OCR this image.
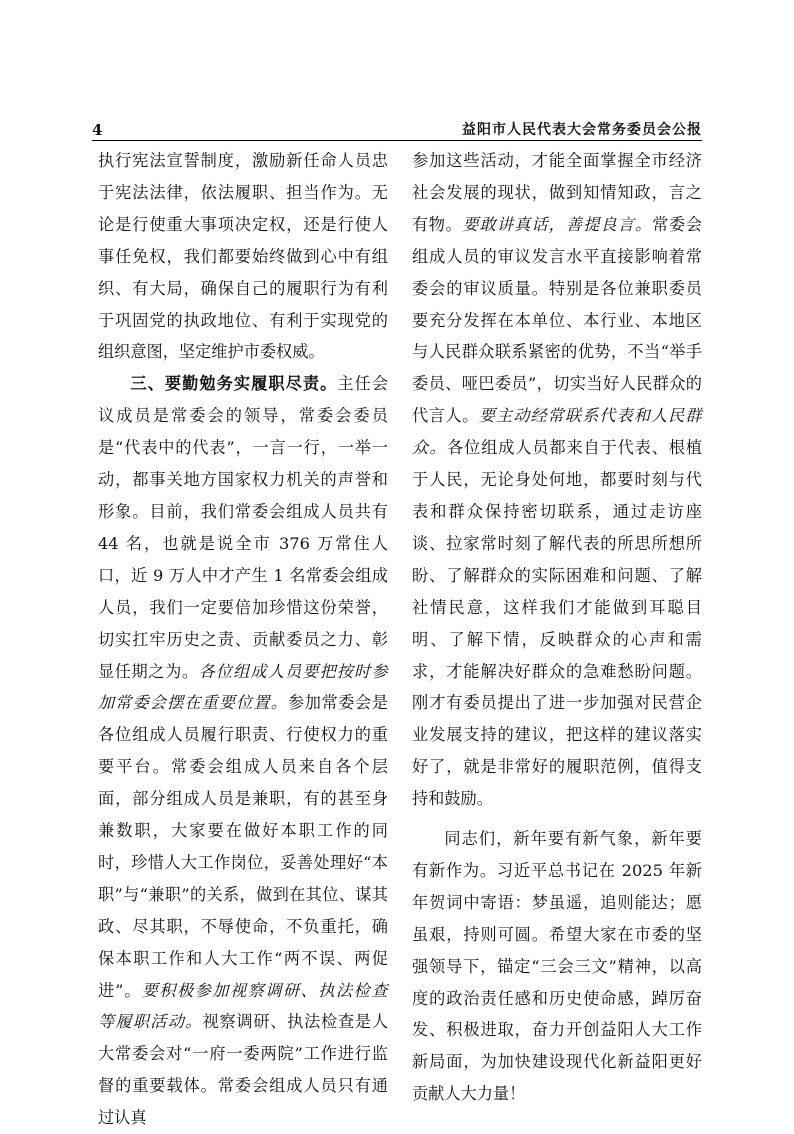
4	益阳市人民代表大会常务委员会公报

执行宪法宣誓制度，激励新任命人员忠于宪法法律，依法履职、担当作为。无论是行使重大事项决定权，还是行使人事任免权，我们都要始终做到心中有组织、有大局，确保自己的履职行为有利于巩固党的执政地位、有利于实现党的组织意图，坚定维护市委权威。

三、要勤勉务实履职尽责。主任会议成员是常委会的领导，常委会委员是“代表中的代表”，一言一行，一举一动，都事关地方国家权力机关的声誉和形象。目前，我们常委会组成人员共有 44 名，也就是说全市 376 万常住人口，近 9 万人中才产生 1 名常委会组成人员，我们一定要倍加珍惜这份荣誉，切实扛牢历史之责、贡献委员之力、彰显任期之为。各位组成人员要把按时参加常委会摆在重要位置。参加常委会是各位组成人员履行职责、行使权力的重要平台。常委会组成人员来自各个层面，部分组成人员是兼职，有的甚至身兼数职，大家要在做好本职工作的同时，珍惜人大工作岗位，妥善处理好“本职”与“兼职”的关系，做到在其位、谋其政、尽其职，不辱使命，不负重托，确保本职工作和人大工作“两不误、两促进”。要积极参加视察调研、执法检查等履职活动。视察调研、执法检查是人大常委会对“一府一委两院”工作进行监督的重要载体。常委会组成人员只有通过认真

参加这些活动，才能全面掌握全市经济社会发展的现状，做到知情知政，言之有物。要敢讲真话，善提良言。常委会组成人员的审议发言水平直接影响着常委会的审议质量。特别是各位兼职委员要充分发挥在本单位、本行业、本地区与人民群众联系紧密的优势，不当“举手委员、哑巴委员”，切实当好人民群众的代言人。要主动经常联系代表和人民群众。各位组成人员都来自于代表、根植于人民，无论身处何地，都要时刻与代表和群众保持密切联系，通过走访座谈、拉家常时刻了解代表的所思所想所盼、了解群众的实际困难和问题、了解社情民意，这样我们才能做到耳聪目明、了解下情，反映群众的心声和需求，才能解决好群众的急难愁盼问题。刚才有委员提出了进一步加强对民营企业发展支持的建议，把这样的建议落实好了，就是非常好的履职范例，值得支持和鼓励。

同志们，新年要有新气象，新年要有新作为。习近平总书记在 2025 年新年贺词中寄语：梦虽遥，追则能达；愿虽艰，持则可圆。希望大家在市委的坚强领导下，锚定“三会三文”精神，以高度的政治责任感和历史使命感，踔厉奋发、积极进取，奋力开创益阳人大工作新局面，为加快建设现代化新益阳更好贡献人大力量！
